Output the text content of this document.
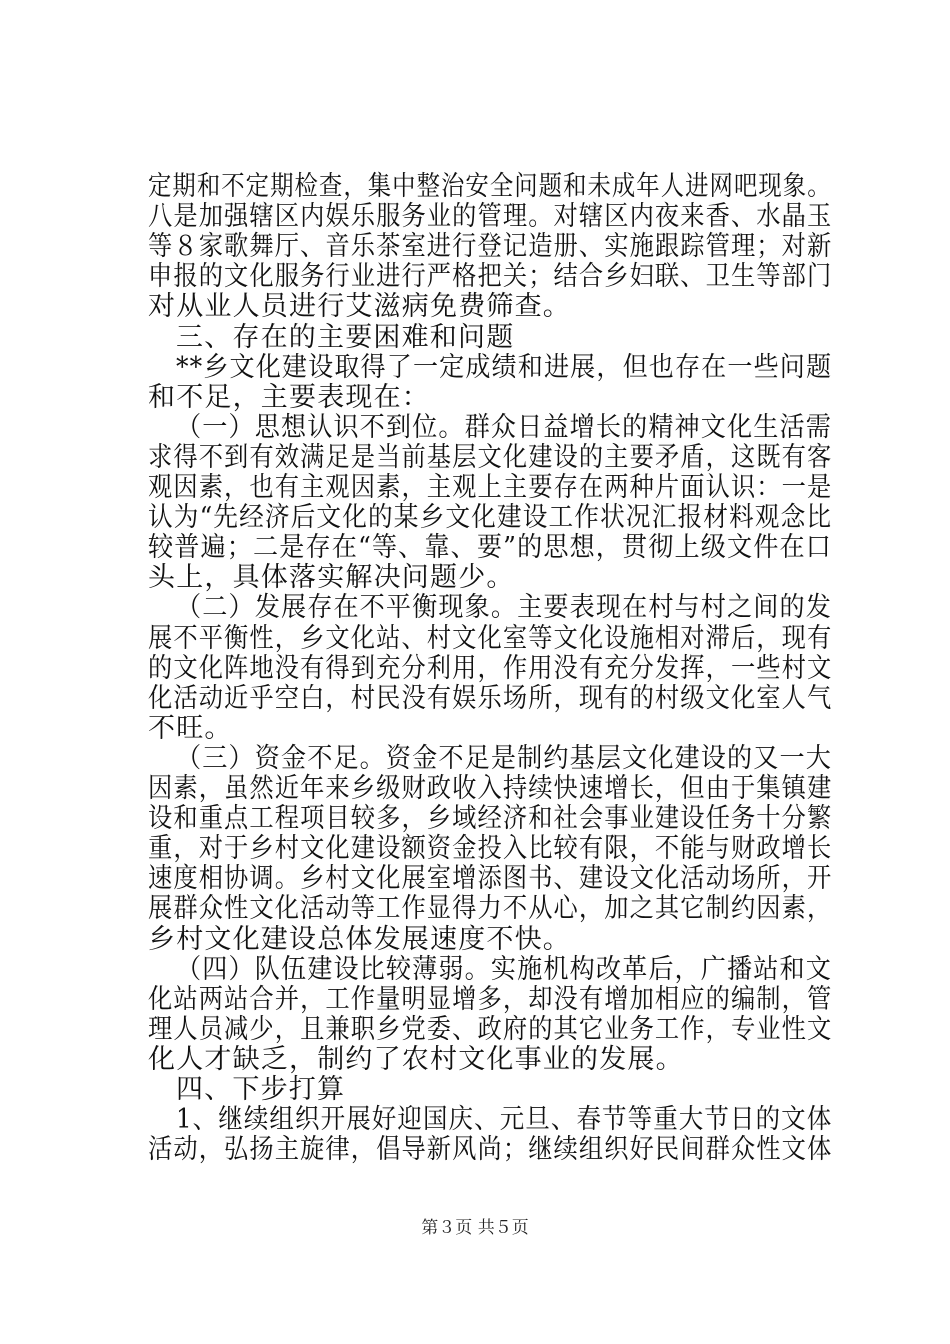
定期和不定期检查，集中整治安全问题和未成年人进网吧现象。
八是加强辖区内娱乐服务业的管理。对辖区内夜来香、水晶玉
等８家歌舞厅、音乐茶室进行登记造册、实施跟踪管理；对新
申报的文化服务行业进行严格把关；结合乡妇联、卫生等部门
对从业人员进行艾滋病免费筛查。
三、存在的主要困难和问题
**乡文化建设取得了一定成绩和进展，但也存在一些问题
和不足，主要表现在：
（一）思想认识不到位。群众日益增长的精神文化生活需
求得不到有效满足是当前基层文化建设的主要矛盾，这既有客
观因素，也有主观因素，主观上主要存在两种片面认识：一是
认为“先经济后文化的某乡文化建设工作状况汇报材料观念比
较普遍；二是存在“等、靠、要”的思想，贯彻上级文件在口
头上，具体落实解决问题少。
（二）发展存在不平衡现象。主要表现在村与村之间的发
展不平衡性，乡文化站、村文化室等文化设施相对滞后，现有
的文化阵地没有得到充分利用，作用没有充分发挥，一些村文
化活动近乎空白，村民没有娱乐场所，现有的村级文化室人气
不旺。
（三）资金不足。资金不足是制约基层文化建设的又一大
因素，虽然近年来乡级财政收入持续快速增长，但由于集镇建
设和重点工程项目较多，乡域经济和社会事业建设任务十分繁
重，对于乡村文化建设额资金投入比较有限，不能与财政增长
速度相协调。乡村文化展室增添图书、建设文化活动场所，开
展群众性文化活动等工作显得力不从心，加之其它制约因素，
乡村文化建设总体发展速度不快。
（四）队伍建设比较薄弱。实施机构改革后，广播站和文
化站两站合并，工作量明显增多，却没有增加相应的编制，管
理人员减少，且兼职乡党委、政府的其它业务工作，专业性文
化人才缺乏，制约了农村文化事业的发展。
四、下步打算
1、继续组织开展好迎国庆、元旦、春节等重大节日的文体
活动，弘扬主旋律，倡导新风尚；继续组织好民间群众性文体
第３页 共５页
